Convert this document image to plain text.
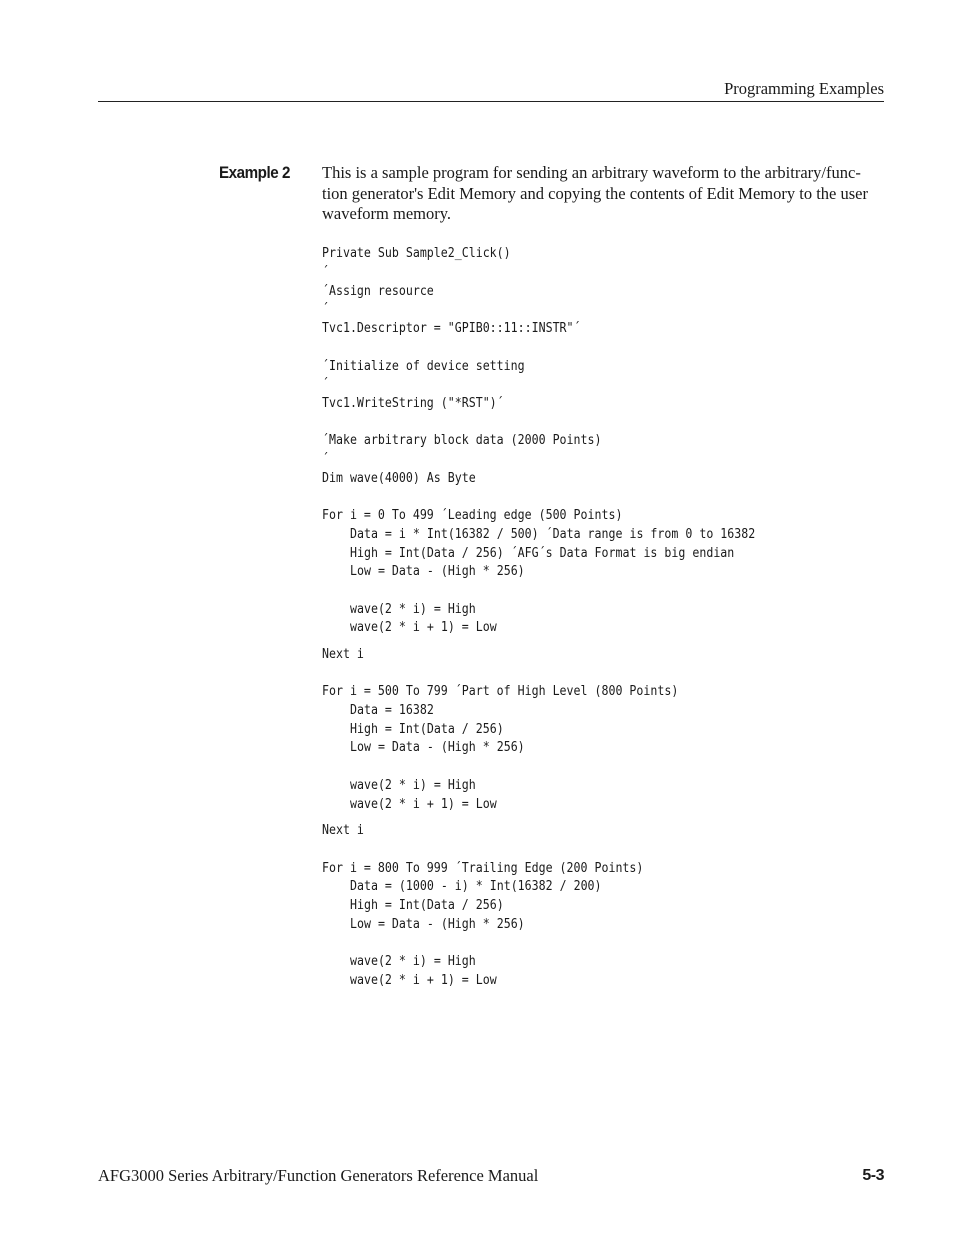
Programming Examples
Example 2 This is a sample program for sending an arbitrary waveform to the arbitrary/func-
tion generator's Edit Memory and copying the contents of Edit Memory to the user
waveform memory.
Private Sub Sample2_Click()
´
´Assign resource
´
Tvc1.Descriptor = "GPIB0::11::INSTR"´
´Initialize of device setting
´
Tvc1.WriteString ("*RST")´
´Make arbitrary block data (2000 Points)
´
Dim wave(4000) As Byte
For i = 0 To 499 ´Leading edge (500 Points)
Data = i * Int(16382 / 500) ´Data range is from 0 to 16382
High = Int(Data / 256) ´AFG´s Data Format is big endian
Low = Data - (High * 256)
wave(2 * i) = High
wave(2 * i + 1) = Low
Next i
For i = 500 To 799 ´Part of High Level (800 Points)
Data = 16382
High = Int(Data / 256)
Low = Data - (High * 256)
wave(2 * i) = High
wave(2 * i + 1) = Low
Next i
For i = 800 To 999 ´Trailing Edge (200 Points)
Data = (1000 - i) * Int(16382 / 200)
High = Int(Data / 256)
Low = Data - (High * 256)
wave(2 * i) = High
wave(2 * i + 1) = Low
AFG3000 Series Arbitrary/Function Generators Reference Manual	5-3
